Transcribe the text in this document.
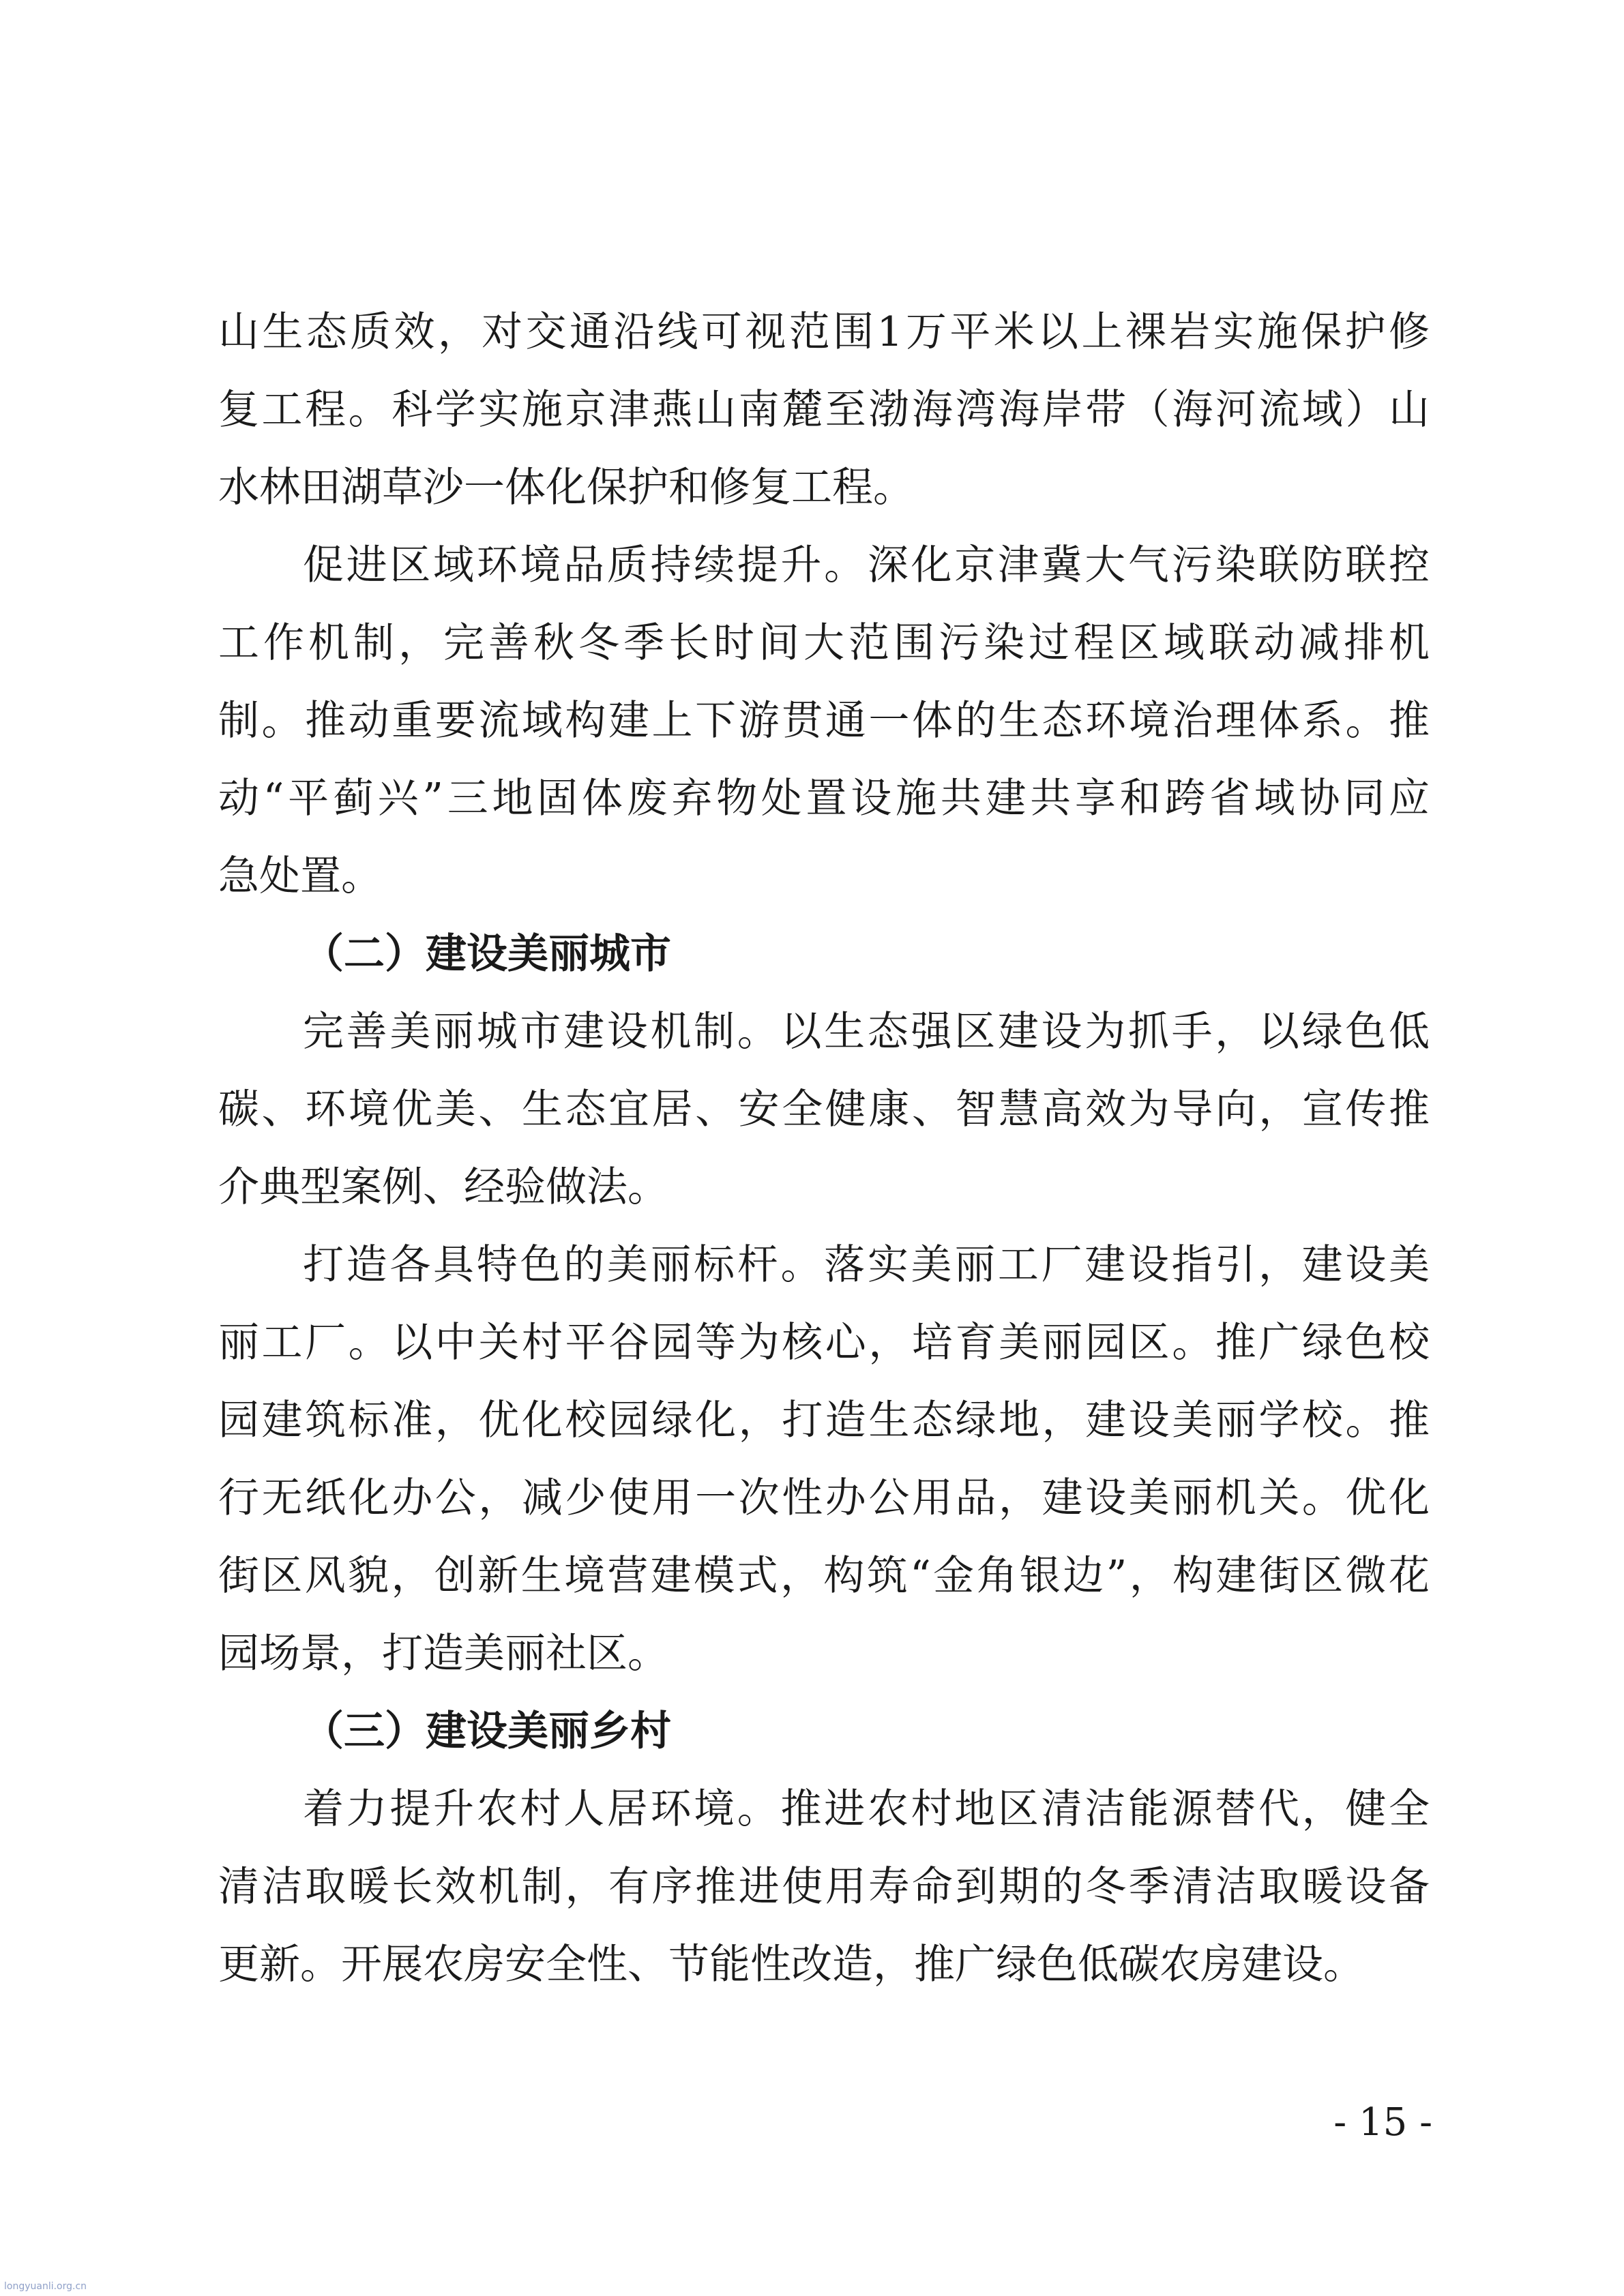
山生态质效，对交通沿线可视范围1万平米以上裸岩实施保护修
复工程。科学实施京津燕山南麓至渤海湾海岸带（海河流域）山
水林田湖草沙一体化保护和修复工程。
促进区域环境品质持续提升。深化京津冀大气污染联防联控
工作机制，完善秋冬季长时间大范围污染过程区域联动减排机
制。推动重要流域构建上下游贯通一体的生态环境治理体系。推
动“平蓟兴”三地固体废弃物处置设施共建共享和跨省域协同应
急处置。
（二）建设美丽城市
完善美丽城市建设机制。以生态强区建设为抓手，以绿色低
碳、环境优美、生态宜居、安全健康、智慧高效为导向，宣传推
介典型案例、经验做法。
打造各具特色的美丽标杆。落实美丽工厂建设指引，建设美
丽工厂。以中关村平谷园等为核心，培育美丽园区。推广绿色校
园建筑标准，优化校园绿化，打造生态绿地，建设美丽学校。推
行无纸化办公，减少使用一次性办公用品，建设美丽机关。优化
街区风貌，创新生境营建模式，构筑“金角银边”，构建街区微花
园场景，打造美丽社区。
（三）建设美丽乡村
着力提升农村人居环境。推进农村地区清洁能源替代，健全
清洁取暖长效机制，有序推进使用寿命到期的冬季清洁取暖设备
更新。开展农房安全性、节能性改造，推广绿色低碳农房建设。
- 15 -
longyuanli.org.cn
